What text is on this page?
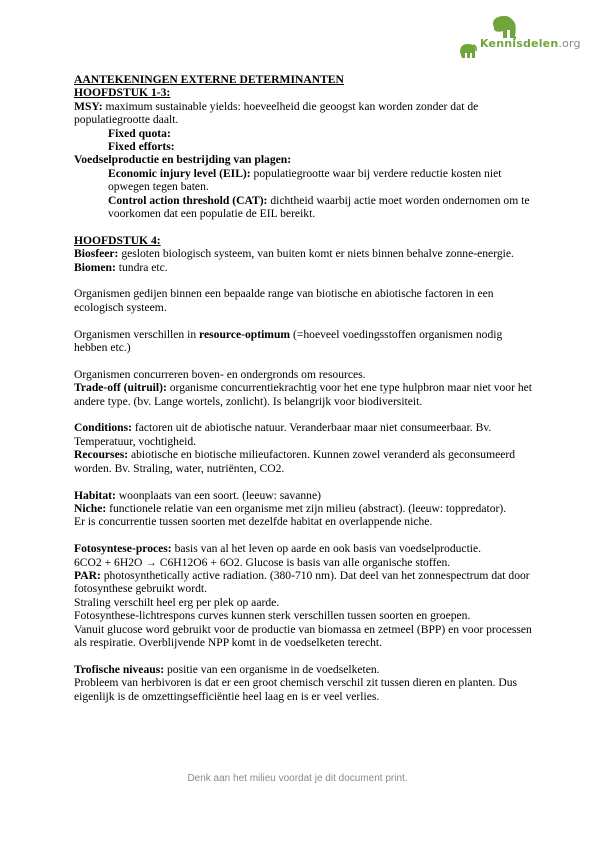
Kennisdelen.org

AANTEKENINGEN EXTERNE DETERMINANTEN

HOOFDSTUK 1-3:

MSY: maximum sustainable yields: hoeveelheid die geoogst kan worden zonder dat de populatiegrootte daalt.

Fixed quota:

Fixed efforts:

Voedselproductie en bestrijding van plagen:

Economic injury level (EIL): populatiegrootte waar bij verdere reductie kosten niet opwegen tegen baten.

Control action threshold (CAT): dichtheid waarbij actie moet worden ondernomen om te voorkomen dat een populatie de EIL bereikt.

HOOFDSTUK 4:

Biosfeer: gesloten biologisch systeem, van buiten komt er niets binnen behalve zonne-energie.

Biomen: tundra etc.

Organismen gedijen binnen een bepaalde range van biotische en abiotische factoren in een ecologisch systeem.

Organismen verschillen in resource-optimum (=hoeveel voedingsstoffen organismen nodig hebben etc.)

Organismen concurreren boven- en ondergronds om resources.

Trade-off (uitruil): organisme concurrentiekrachtig voor het ene type hulpbron maar niet voor het andere type. (bv. Lange wortels, zonlicht). Is belangrijk voor biodiversiteit.

Conditions: factoren uit de abiotische natuur. Veranderbaar maar niet consumeerbaar. Bv. Temperatuur, vochtigheid.

Recourses: abiotische en biotische milieufactoren. Kunnen zowel veranderd als geconsumeerd worden. Bv. Straling, water, nutriënten, CO2.

Habitat: woonplaats van een soort. (leeuw: savanne)

Niche: functionele relatie van een organisme met zijn milieu (abstract). (leeuw: toppredator).

Er is concurrentie tussen soorten met dezelfde habitat en overlappende niche.

Fotosyntese-proces: basis van al het leven op aarde en ook basis van voedselproductie.

6CO2 + 6H2O → C6H12O6 + 6O2. Glucose is basis van alle organische stoffen.

PAR: photosynthetically active radiation. (380-710 nm). Dat deel van het zonnespectrum dat door fotosynthese gebruikt wordt.

Straling verschilt heel erg per plek op aarde.

Fotosynthese-lichtrespons curves kunnen sterk verschillen tussen soorten en groepen.

Vanuit glucose word gebruikt voor de productie van biomassa en zetmeel (BPP) en voor processen als respiratie. Overblijvende NPP komt in de voedselketen terecht.

Trofische niveaus: positie van een organisme in de voedselketen.

Probleem van herbivoren is dat er een groot chemisch verschil zit tussen dieren en planten. Dus eigenlijk is de omzettingsefficiëntie heel laag en is er veel verlies.

Denk aan het milieu voordat je dit document print.
